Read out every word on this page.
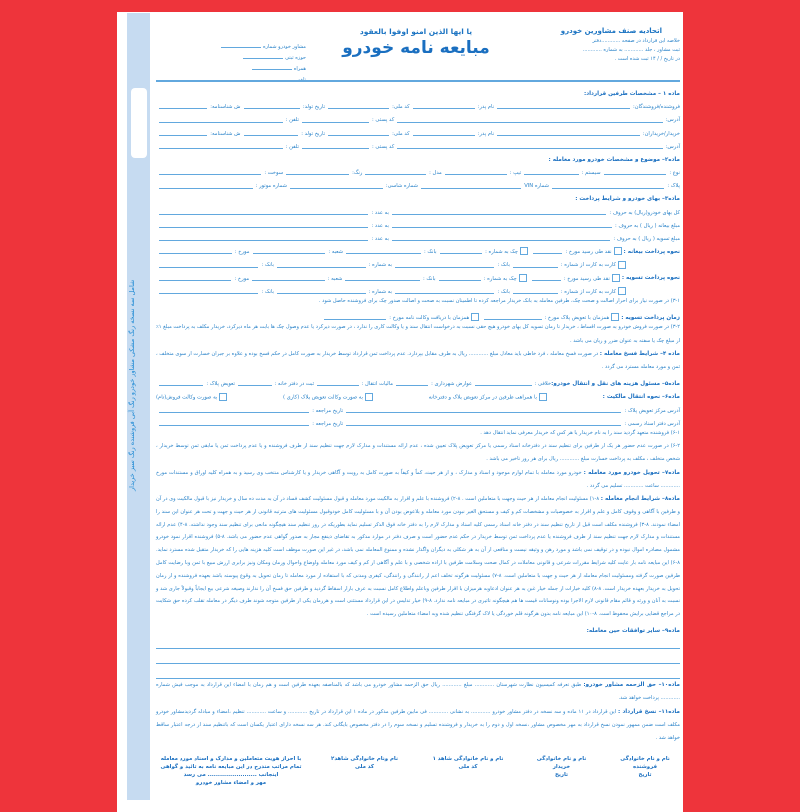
شامل سه نسخه رنگ مشکی مشاور خودرو رنگ آبی فروشنده رنگ سبز خریدار
اتحادیه صنف مشاورین خودرو
خلاصه این قرارداد در صفحه ............دفتر
ثبت مشاور ، جلد ............ به شماره ............
در تاریخ / / ۱۴ ثبت شده است .
یا ایها الذین امنو اوفوا بالعقود
مبایعه نامه خودرو
مشاور خودرو شماره
حوزه ثبتی
همراه
ماده ۱ – مشخصات طرفین قرارداد:
فروشنده/فروشندگان:
نام پدر:
کد ملی:
تاریخ تولد:
ش شناسنامه:
آدرس:
کد پستی :
تلفن :
خریدار/خریداران:
نام پدر:
کد ملی:
تاریخ تولد :
ش شناسنامه:
آدرس:
کد پستی :
تلفن :
ماده۲– موضوع و مشخصات خودرو مورد معامله :
نوع :
سیستم :
تیپ :
مدل :
رنگ:
سوخت :
پلاک :
شماره VIN
شماره شاسی:
شماره موتور :
ماده۳– بهای خودرو و شرایط پرداخت :
کل بهای خودرو(ریال) به حروف :
به عدد :
مبلغ بیعانه ( ریال ) به حروف :
به عدد :
مبلغ تسویه ( ریال ) به حروف :
به عدد :
نحوه پرداخت بیعانه :
نقد طی رسید مورخ :
چک به شماره :
بانک :
شعبه :
مورخ :
کارت به کارت از شماره :
بانک :
به شماره :
بانک :
نحوه پرداخت تسویه :
نقد طی رسید مورخ :
چک به شماره :
بانک :
شعبه :
مورخ :
کارت به کارت از شماره :
بانک :
به شماره :
بانک :
۳-۱) در صورت نیاز برای احراز اصالت و صحت چک، طرفین معامله به بانک خریدار مراجعه کرده تا اطمینان نسبت به صحت و اصالت صدور چک برای فروشنده حاصل شود .
زمان پرداخت تسویه :
همزمان با تعویض پلاک مورخ :
همزمان با دریافت وکالت نامه مورخ :
۳-۲) در صورت فروش خودرو به صورت اقساط ، خریدار تا زمان تسویه کل بهای خودرو هیچ حقی نسبت به درخواست انتقال سند و یا وکالت کاری را ندارد ، در صورت دیرکرد یا عدم وصول چک ها بابت هر ماه دیرکرد، خریدار مکلف به پرداخت مبلغ ۱٪ از مبلغ چک یا سفته به عنوان ضرر و زیان می باشد .
ماده ۴– شرایط فسخ معامله : در صورت فسخ معامله ، فرد خاطی باید معادل مبلغ ............ ریال به طرف مقابل بپردازد. عدم پرداخت ثمن قرارداد توسط خریدار به صورت کامل در حکم فسخ بوده و علاوه بر جبران خسارت از سوی متخلف ، ثمن و مورد معامله مسترد می گردد .
ماده۵– مسئول هزینه های نقل و انتقال خودرو:
خلافی :
عوارض شهرداری :
مالیات انتقال :
ثبت در دفتر خانه :
تعویض پلاک :
ماده۶– نحوه انتقال مالکیت :
با همراهی طرفین در مرکز تعویض پلاک و دفترخانه
به صورت وکالت تعویض پلاک (کاری )
به صورت وکالت فروش(تام)
آدرس مرکز تعویض پلاک :
تاریخ مراجعه :
آدرس دفتر اسناد رسمی :
تاریخ مراجعه :
۶-۱) فروشنده متعهد گردید سند را به نام خریدار یا هر کس که خریدار معرفی نماید انتقال دهد .
۶-۲) در صورت عدم حضور هر یک از طرفین برای تنظیم سند در دفترخانه اسناد رسمی یا مرکز تعویض پلاک تعیین شده ، عدم ارائه مستندات و مدارک لازم جهت تنظیم سند از طرف فروشنده و یا عدم پرداخت ثمن یا مابقی ثمن توسط خریدار ، شخص متخلف ، مکلف به پرداخت خسارت مبلغ ............ ریال برای هر روز تاخیر می باشد .
ماده۷– تحویل خودرو مورد معامله : خودرو مورد معامله با تمام لوازم موجود و اسناد و مدارک ، و از هر حیث، کماً و کیفاً به صورت کامل به رویت و آگاهی خریدار و یا کارشناس منتخب وی رسید و به همراه کلیه اوراق و مستندات مورخ ............ ساعت ............ تسلیم می گردد .
ماده۸– شرایط انجام معامله : ۸-۱) مسئولیت انجام معامله از هر حیث وجهت با متعاملین است . ۸-۲) فروشنده با علم و اقرار به مالکیت مورد معامله و قبول مسئولیت کشف فساد در آن به مدت ده سال و خریدار نیز با قبول مالکیت وی در آن و طرفین با آگاهی و وقوف کامل و علم و اقرار به خصوصیات و مشخصات کم و کیف و مستحق الغیر نبودن مورد معامله و بلاعوض بودن آن و با مسئولیت کامل خودوقبول مسئولیت های مترتبه قانونی از هر حیث و جهت و تحت هر عنوان این سند را امضاء نمودند. ۸-۳) فروشنده مکلف است قبل از تاریخ تنظیم سند در دفتر خانه اسناد رسمی کلیه اسناد و مدارک لازم را به دفتر خانه فوق الذکر تسلیم نماید بطوریکه در روز تنظیم سند هیچگونه مانعی برای تنظیم سند وجود نداشته. ۸-۴) عدم ارائه مستندات و مدارک لازم جهت تنظیم سند از طرف فروشنده یا عدم پرداخت ثمن توسط خریدار در حکم عدم حضور است و صرف دفتر در موارد مذکور به تقاضای ذینفع مجاز به صدور گواهی عدم حضور می باشد. ۸-۵) فروشنده اقرار نمود خودرو مشمول مصادره اموال نبوده و در توقیف نمی باشد و مورد رهن و وثیقه نیست و منافعی از آن به هر شکلی به دیگران واگذار نشده و ممنوع المعامله نمی باشد، در غیر این صورت موظف است کلیه هزینه هایی را که خریدار متقبل شده مسترد نماید. ۸-۶) این مبایعه نامه بار عایت کلیه شرایط مقررات شرعی و قانونی معاملات در کمال صحت وسلامت طرفین با اراده شخصی و با علم و آگاهی از کم و کیف مورد معامله واوضاع واحوال وزمان ومکان ونیز برابری ارزش مبیع با ثمن وبا رضایت کامل طرفین صورت گرفته ومسئولیت انجام معامله از هر حیث و جهت با متعاملین است. ۸-۷) مسئولیت هرگونه تخلف اعم از رانندگی و رانندگی، کیفری ومدنی که با استفاده از مورد معامله تا زمان تحویل به وقوع پیوسته باشد بعهده فروشنده و از زمان تحویل به خریدار بعهده خریدار است. ۸-۸) کلیه خیارات از جمله خیار غبن به هر عنوان ادعاوبه هرمیزان با اقرار طرفین وباعلم واطلاع کامل نسبت به عرف بازار اسقاط گردید و طرفین حق فسخ آن را ندارند وصیغه شرعی بیع ایجاباً وقبولاً جاری شد و نسبت به آنان و ورثه و قائم مقام قانونی لازم الاجرا بوده ونوسانات قیمت ها هم هیچگونه تاثیری در مبایعه نامه ندارد. ۸-۹) خیار تدلیس در این قرارداد مستثنی است و هرزمان یکی از طرفین متوجه شوند طرف دیگر در معامله تقلب کرده حق شکایت در مراجع قضایی برایش محفوظ است. ۸-۱۰) این مبایعه نامه بدون هرگونه قلم خوردگی یا لاک گرفتگی تنظیم شده وبه امضاء متعاملین رسیده است .
ماده۹– سایر توافقات حین معامله:
ماده۱۰– حق الزحمه مشاور خودرو: طبق تعرفه کمیسیون نظارت شهرستان ............ مبلغ ............ ریال حق الزحمه مشاور خودرو می باشد که بالمناصفه بعهده طرفین است و هم زمان با امضاء این قرارداد به موجب فیش شماره ............ پرداخت خواهد شد.
ماده۱۱– نسخ قرارداد : این قرارداد در ۱۱ ماده و سه نسخه در دفتر مشاور خودرو ............ به نشانی ............ فی مابین طرفین مذکور در ماده ۱ این قرارداد در تاریخ ............ و ساعت ............ تنظیم ،امضاء و مبادله گردیدمشاور خودرو مکلف است ضمن ممهور نمودن نسخ قرارداد به مهر مخصوص مشاور ،نسخه اول و دوم را به خریدار و فروشنده تسلیم و نسخه سوم را در دفتر مخصوص بایگانی کند. هر سه نسخه دارای اعتبار یکسان است که باتنظیم سند از درجه اعتبار ساقط خواهد شد .
نام و نام خانوادگی
فروشنده
تاریخ
نام و نام خانوادگی
خریدار
تاریخ
نام و نام خانوادگی شاهد ۱
کد ملی
نام ونام خانوادگی شاهد۲
کد ملی
با احراز هویت متعاملین و مدارک و اسناد مورد معامله
تمام مراتب مندرج در این مبایعه نامه به تائید و گواهی
اینجانب ........................ می رسد
مهر و امضاء مشاور خودرو
